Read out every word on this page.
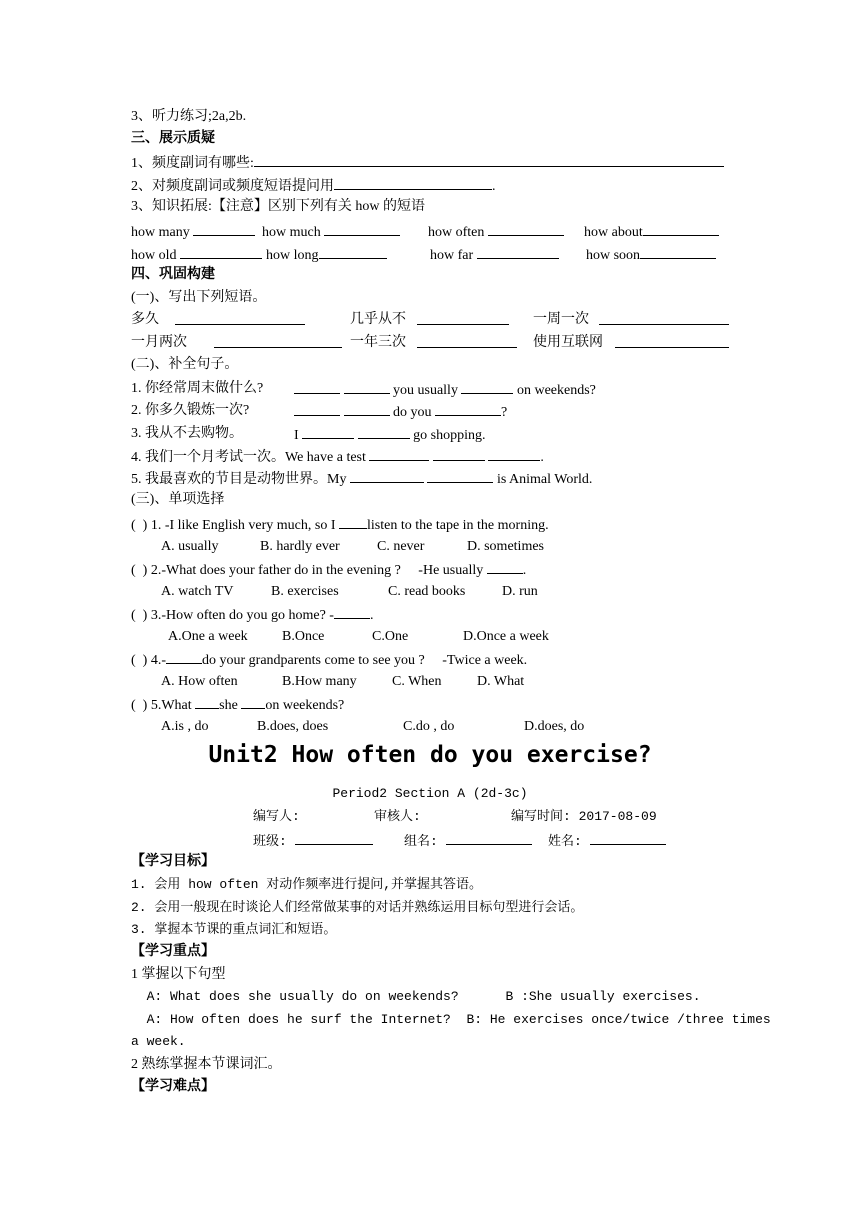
3、听力练习;2a,2b.
三、展示质疑
1、频度副词有哪些:
2、对频度副词或频度短语提问用	.
3、知识拓展:【注意】区别下列有关 how 的短语
how many	how much	how often	how about
how old	how long	how far	how soon
四、巩固构建
(一)、写出下列短语。
多久	几乎从不	一周一次
一月两次	一年三次	使用互联网
(二)、补全句子。
1. 你经常周末做什么?	you usually	on weekends?
2. 你多久锻炼一次?	do you	?
3. 我从不去购物。	I	go shopping.
4. 我们一个月考试一次。We have a test	.
5. 我最喜欢的节目是动物世界。My	is Animal World.
(三)、单项选择
(  ) 1. -I like English very much, so I listen to the tape in the morning.
A. usually	B. hardly ever	C. never	D. sometimes
(  ) 2.-What does your father do in the evening ?     -He usually	.
A. watch TV	B. exercises	C. read books	D. run
(  ) 3.-How often do you go home? -	.
A.One a week B.Once	C.One	D.Once a week
(  ) 4.-	do your grandparents come to see you ?     -Twice a week.
A. How often	B.How many	C. When	D. What
(  ) 5.What she on weekends?
A.is , do	B.does, does	C.do , do	D.does, do
Unit2 How often do you exercise?
Period2 Section A (2d-3c)
编写人:	审核人:	编写时间: 2017-08-09
班级:	组名:	姓名:
【学习目标】
1. 会用 how often 对动作频率进行提问,并掌握其答语。
2. 会用一般现在时谈论人们经常做某事的对话并熟练运用目标句型进行会话。
3. 掌握本节课的重点词汇和短语。
【学习重点】
1 掌握以下句型
A: What does she usually do on weekends?      B :She usually exercises.
A: How often does he surf the Internet?  B: He exercises once/twice /three times
a week.
2 熟练掌握本节课词汇。
【学习难点】
